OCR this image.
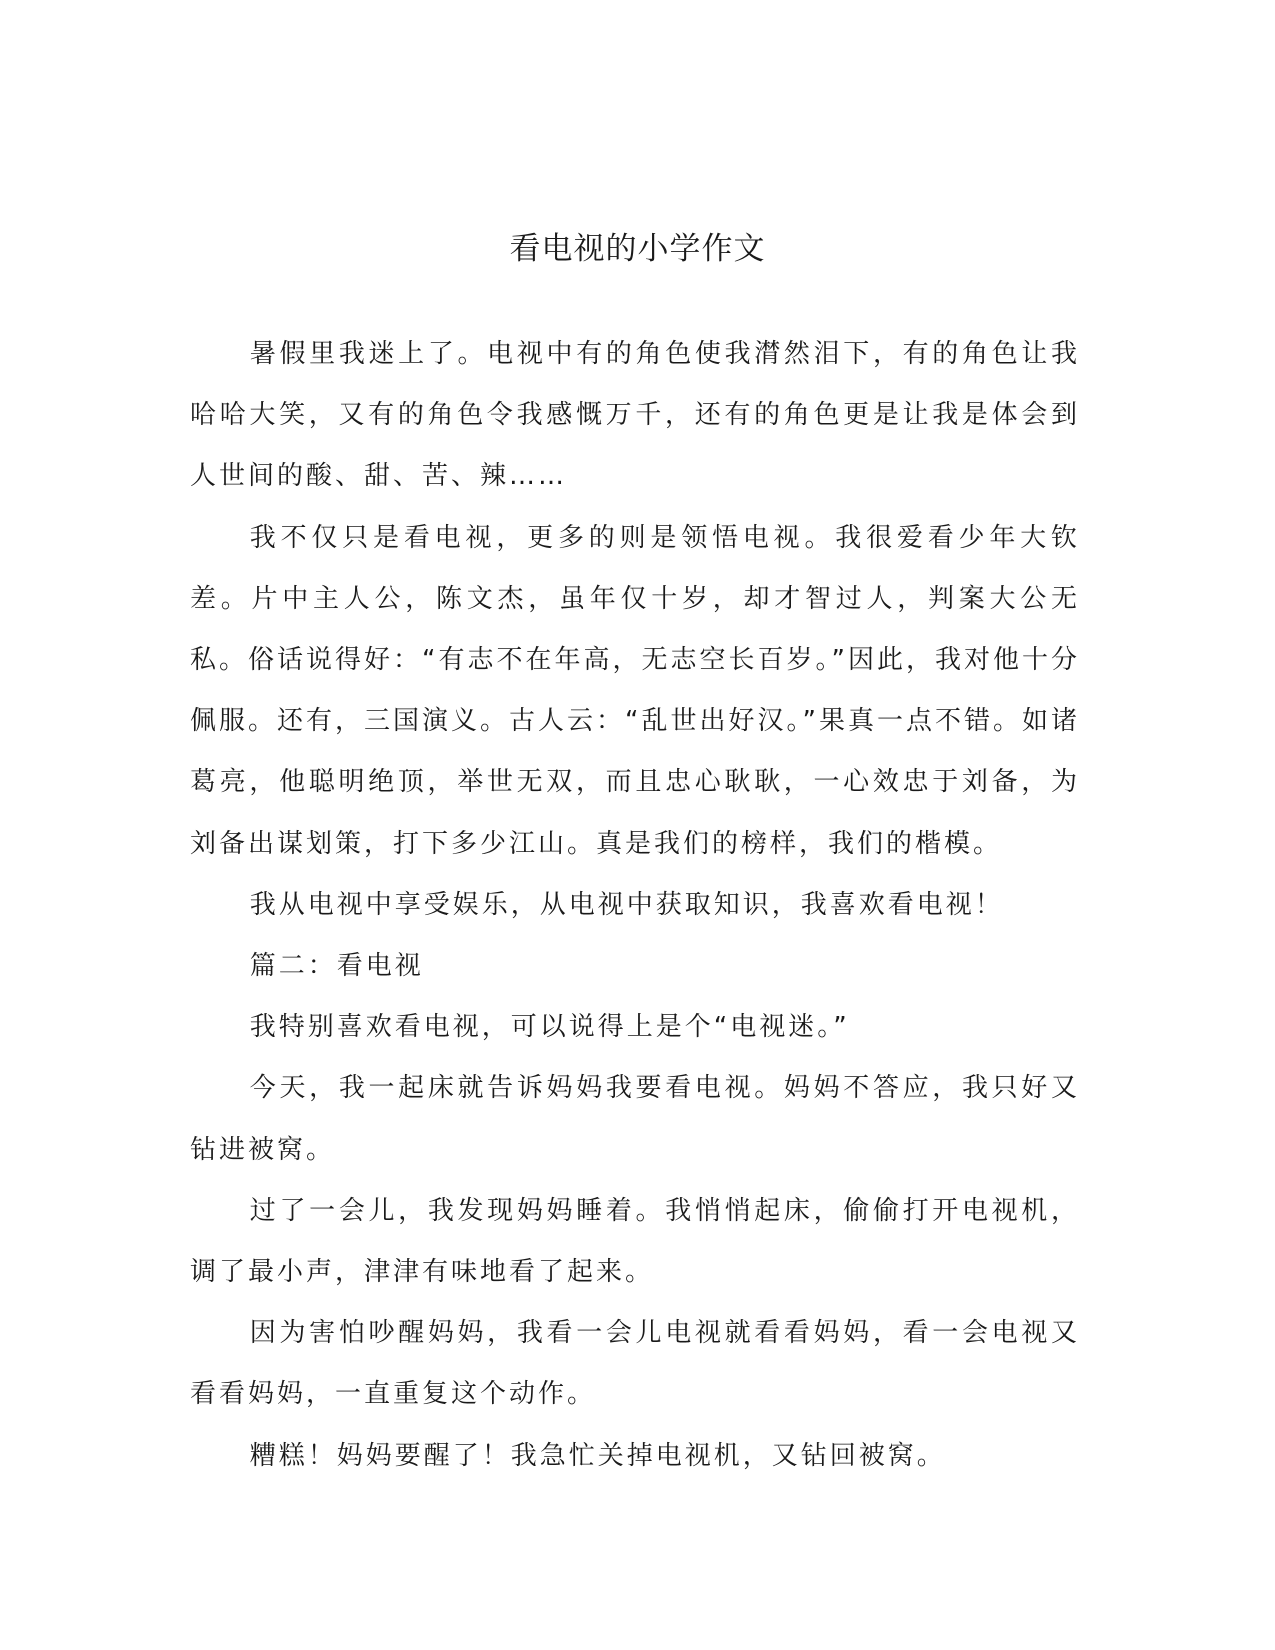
看电视的小学作文

暑假里我迷上了。电视中有的角色使我潸然泪下，有的角色让我哈哈大笑，又有的角色令我感慨万千，还有的角色更是让我是体会到人世间的酸、甜、苦、辣……

我不仅只是看电视，更多的则是领悟电视。我很爱看少年大钦差。片中主人公，陈文杰，虽年仅十岁，却才智过人，判案大公无私。俗话说得好：“有志不在年高，无志空长百岁。”因此，我对他十分佩服。还有，三国演义。古人云：“乱世出好汉。”果真一点不错。如诸葛亮，他聪明绝顶，举世无双，而且忠心耿耿，一心效忠于刘备，为刘备出谋划策，打下多少江山。真是我们的榜样，我们的楷模。

我从电视中享受娱乐，从电视中获取知识，我喜欢看电视！

篇二：看电视

我特别喜欢看电视，可以说得上是个“电视迷。”

今天，我一起床就告诉妈妈我要看电视。妈妈不答应，我只好又钻进被窝。

过了一会儿，我发现妈妈睡着。我悄悄起床，偷偷打开电视机，调了最小声，津津有味地看了起来。

因为害怕吵醒妈妈，我看一会儿电视就看看妈妈，看一会电视又看看妈妈，一直重复这个动作。

糟糕！妈妈要醒了！我急忙关掉电视机，又钻回被窝。
